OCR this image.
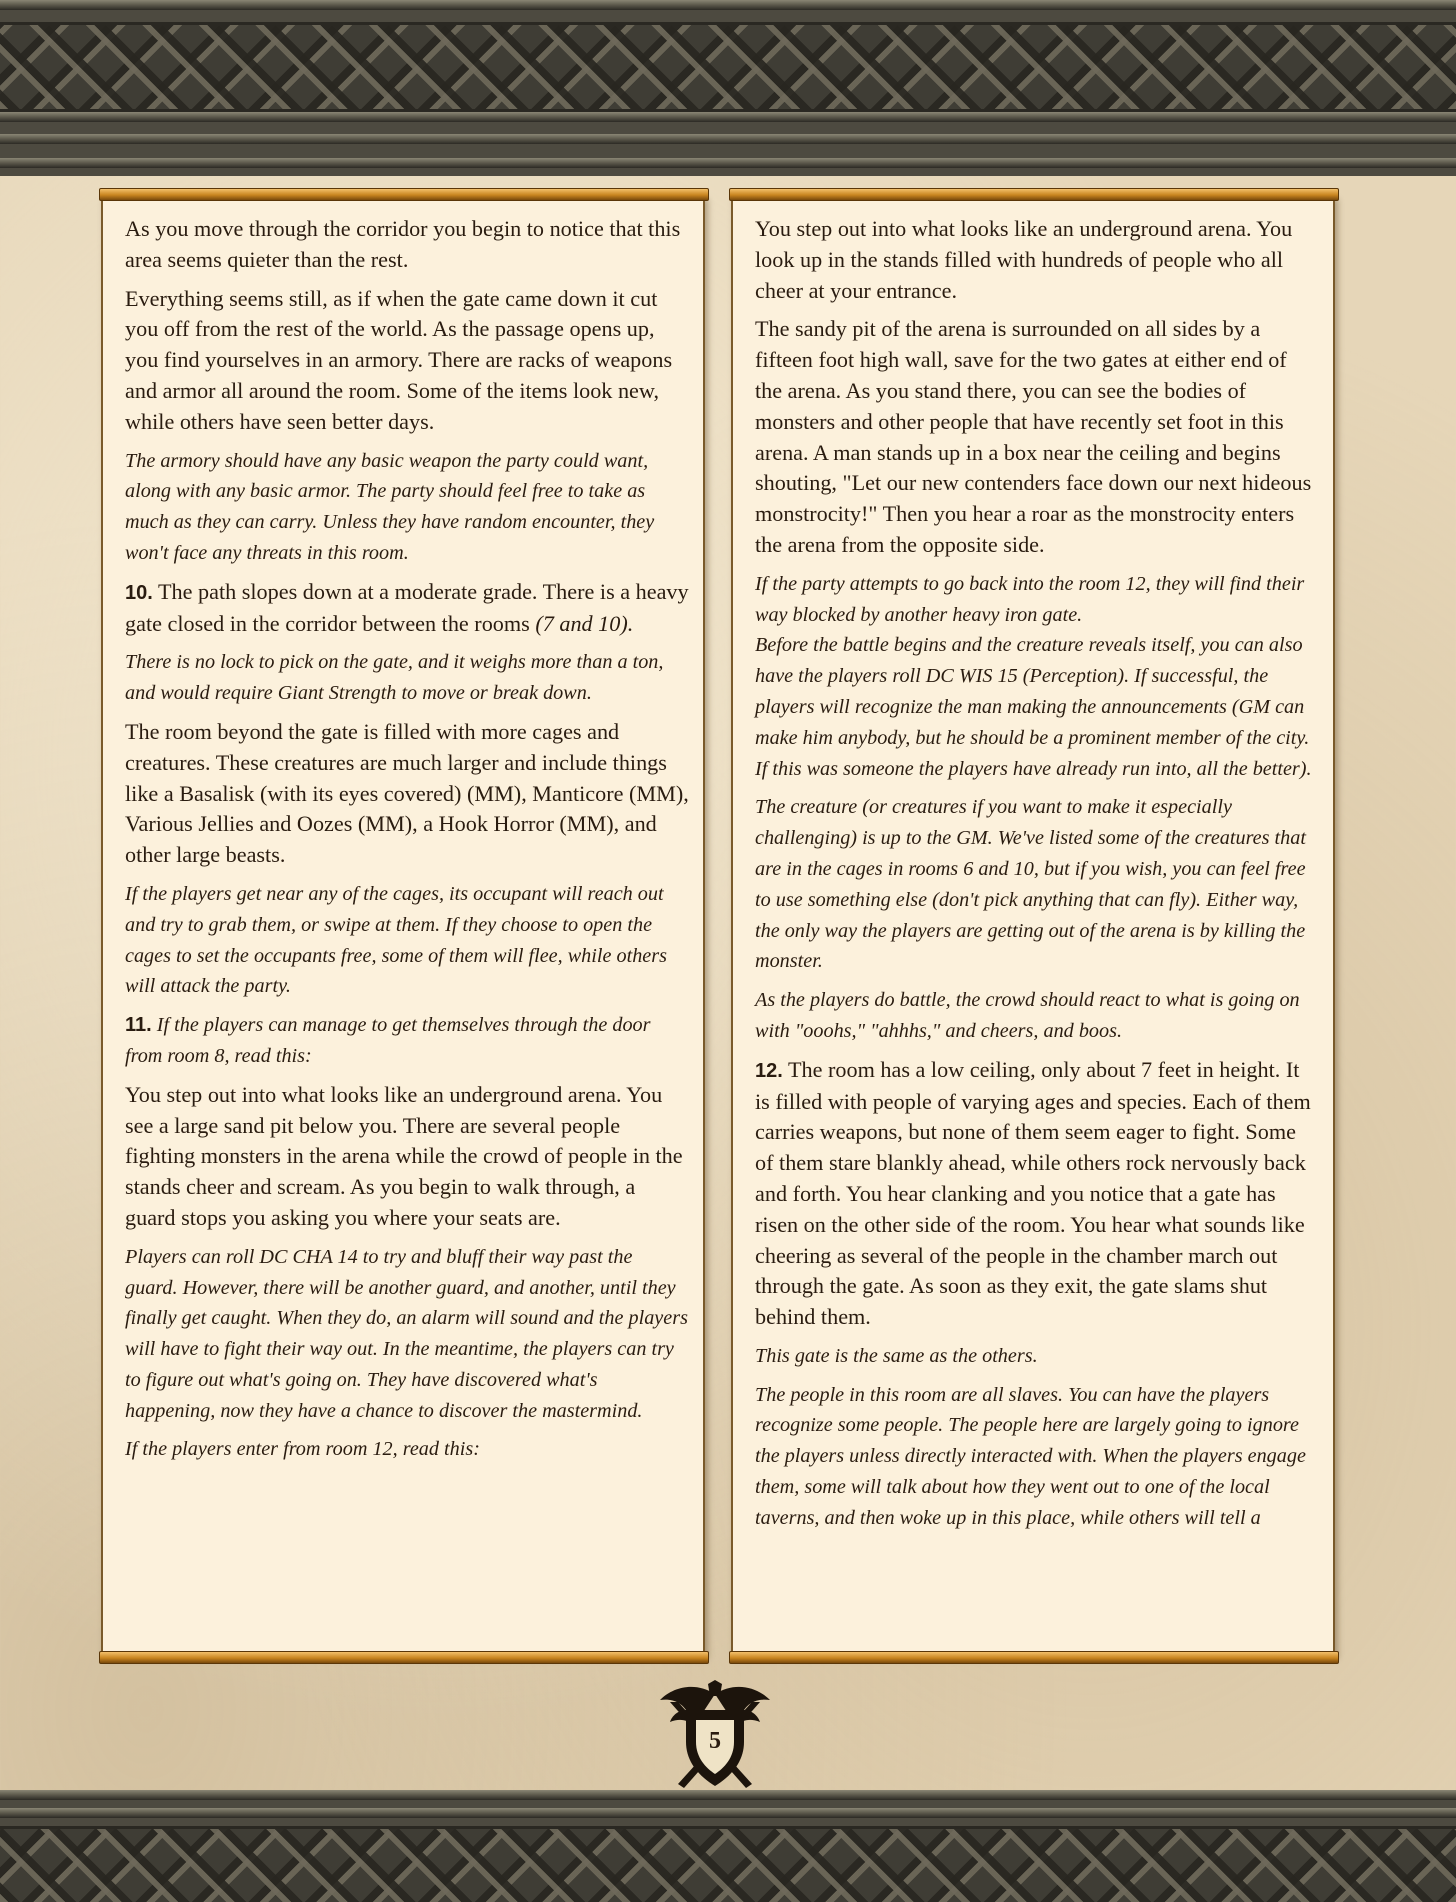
As you move through the corridor you begin to notice that this area seems quieter than the rest.

Everything seems still, as if when the gate came down it cut you off from the rest of the world. As the passage opens up, you find yourselves in an armory. There are racks of weapons and armor all around the room. Some of the items look new, while others have seen better days.

The armory should have any basic weapon the party could want, along with any basic armor. The party should feel free to take as much as they can carry. Unless they have random encounter, they won't face any threats in this room.

10. The path slopes down at a moderate grade. There is a heavy gate closed in the corridor between the rooms (7 and 10).

There is no lock to pick on the gate, and it weighs more than a ton, and would require Giant Strength to move or break down.

The room beyond the gate is filled with more cages and creatures. These creatures are much larger and include things like a Basalisk (with its eyes covered) (MM), Manticore (MM), Various Jellies and Oozes (MM), a Hook Horror (MM), and other large beasts.

If the players get near any of the cages, its occupant will reach out and try to grab them, or swipe at them. If they choose to open the cages to set the occupants free, some of them will flee, while others will attack the party.

11. If the players can manage to get themselves through the door from room 8, read this:

You step out into what looks like an underground arena. You see a large sand pit below you. There are several people fighting monsters in the arena while the crowd of people in the stands cheer and scream. As you begin to walk through, a guard stops you asking you where your seats are.

Players can roll DC CHA 14 to try and bluff their way past the guard. However, there will be another guard, and another, until they finally get caught. When they do, an alarm will sound and the players will have to fight their way out. In the meantime, the players can try to figure out what's going on. They have discovered what's happening, now they have a chance to discover the mastermind.

If the players enter from room 12, read this:

You step out into what looks like an underground arena. You look up in the stands filled with hundreds of people who all cheer at your entrance.

The sandy pit of the arena is surrounded on all sides by a fifteen foot high wall, save for the two gates at either end of the arena. As you stand there, you can see the bodies of monsters and other people that have recently set foot in this arena. A man stands up in a box near the ceiling and begins shouting, "Let our new contenders face down our next hideous monstrocity!" Then you hear a roar as the monstrocity enters the arena from the opposite side.

If the party attempts to go back into the room 12, they will find their way blocked by another heavy iron gate.

Before the battle begins and the creature reveals itself, you can also have the players roll DC WIS 15 (Perception). If successful, the players will recognize the man making the announcements (GM can make him anybody, but he should be a prominent member of the city. If this was someone the players have already run into, all the better).

The creature (or creatures if you want to make it especially challenging) is up to the GM. We've listed some of the creatures that are in the cages in rooms 6 and 10, but if you wish, you can feel free to use something else (don't pick anything that can fly). Either way, the only way the players are getting out of the arena is by killing the monster.

As the players do battle, the crowd should react to what is going on with "ooohs," "ahhhs," and cheers, and boos.

12. The room has a low ceiling, only about 7 feet in height. It is filled with people of varying ages and species. Each of them carries weapons, but none of them seem eager to fight. Some of them stare blankly ahead, while others rock nervously back and forth. You hear clanking and you notice that a gate has risen on the other side of the room. You hear what sounds like cheering as several of the people in the chamber march out through the gate. As soon as they exit, the gate slams shut behind them.

This gate is the same as the others.

The people in this room are all slaves. You can have the players recognize some people. The people here are largely going to ignore the players unless directly interacted with. When the players engage them, some will talk about how they went out to one of the local taverns, and then woke up in this place, while others will tell a

5
